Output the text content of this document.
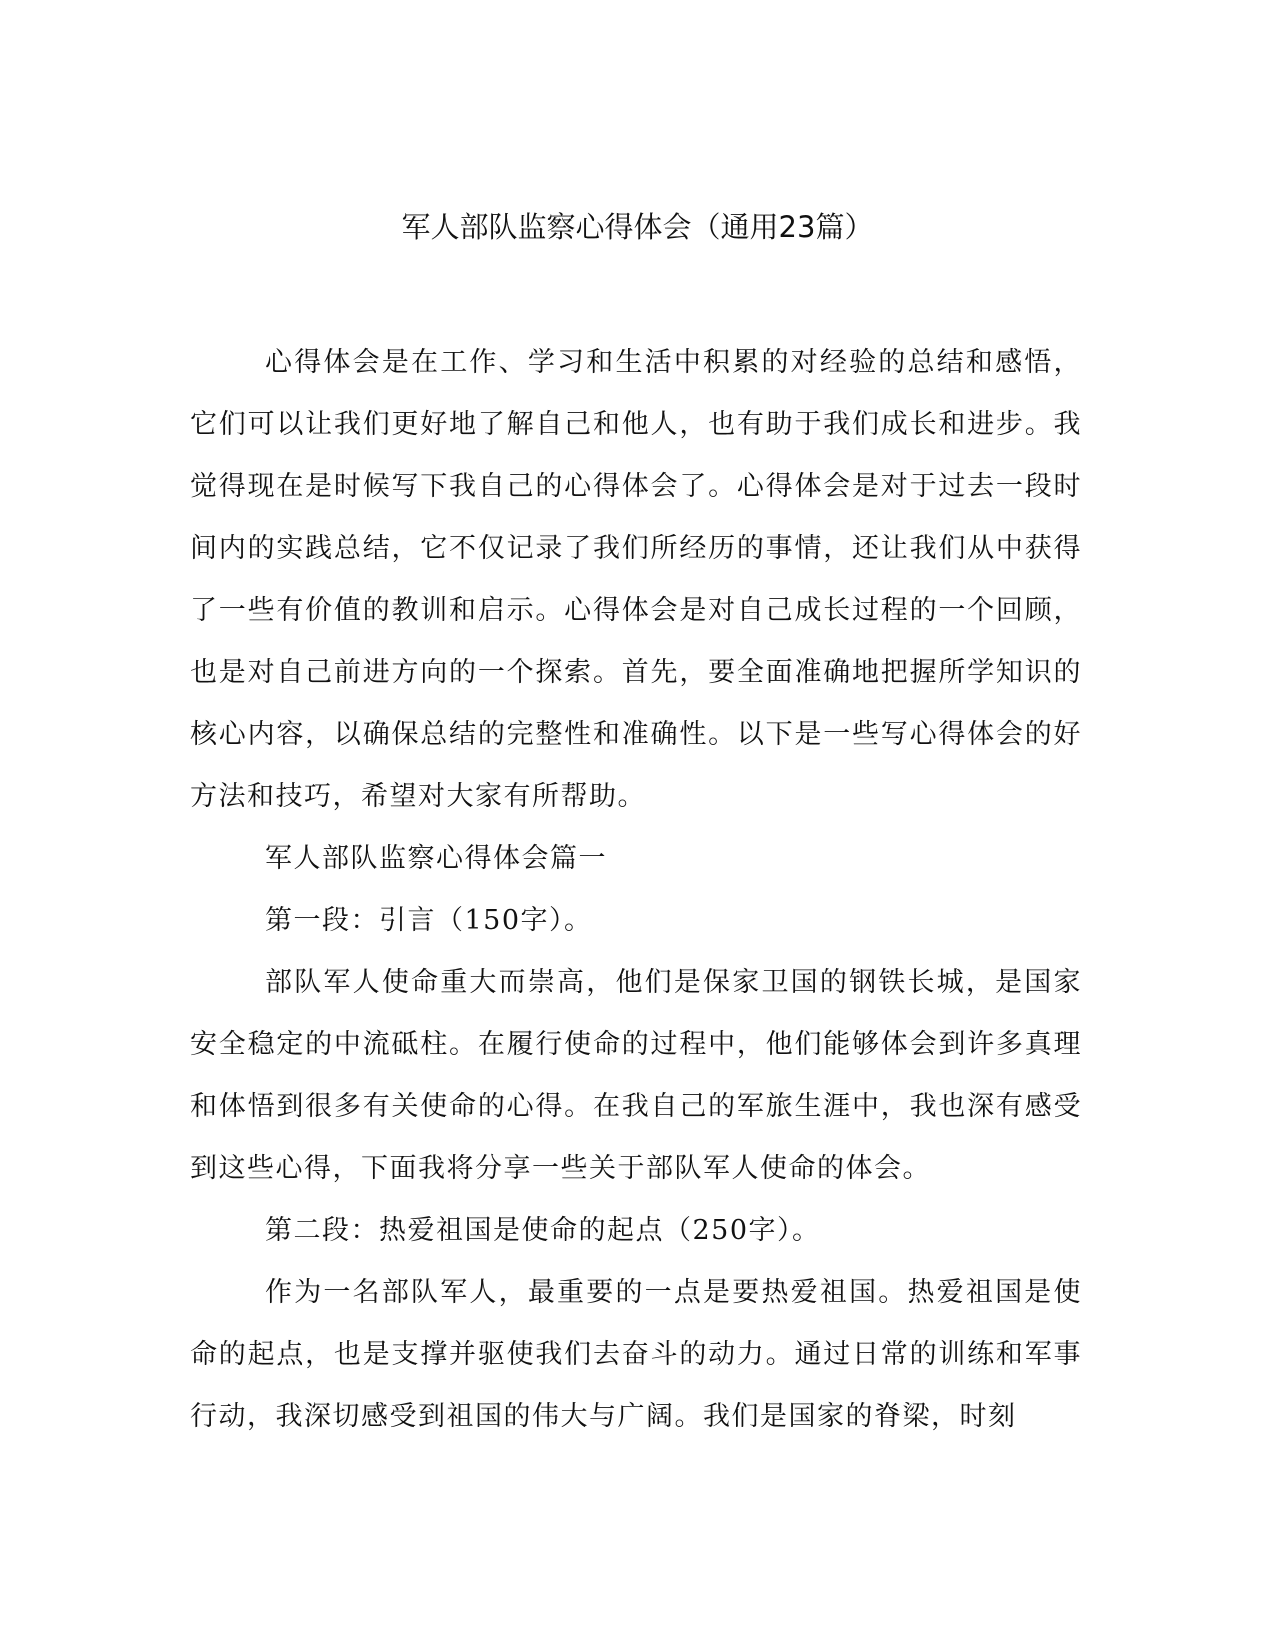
军人部队监察心得体会（通用23篇）

心得体会是在工作、学习和生活中积累的对经验的总结和感悟，它们可以让我们更好地了解自己和他人，也有助于我们成长和进步。我觉得现在是时候写下我自己的心得体会了。心得体会是对于过去一段时间内的实践总结，它不仅记录了我们所经历的事情，还让我们从中获得了一些有价值的教训和启示。心得体会是对自己成长过程的一个回顾，也是对自己前进方向的一个探索。首先，要全面准确地把握所学知识的核心内容，以确保总结的完整性和准确性。以下是一些写心得体会的好方法和技巧，希望对大家有所帮助。

军人部队监察心得体会篇一

第一段：引言（150字）。

部队军人使命重大而崇高，他们是保家卫国的钢铁长城，是国家安全稳定的中流砥柱。在履行使命的过程中，他们能够体会到许多真理和体悟到很多有关使命的心得。在我自己的军旅生涯中，我也深有感受到这些心得，下面我将分享一些关于部队军人使命的体会。

第二段：热爱祖国是使命的起点（250字）。

作为一名部队军人，最重要的一点是要热爱祖国。热爱祖国是使命的起点，也是支撑并驱使我们去奋斗的动力。通过日常的训练和军事行动，我深切感受到祖国的伟大与广阔。我们是国家的脊梁，时刻
